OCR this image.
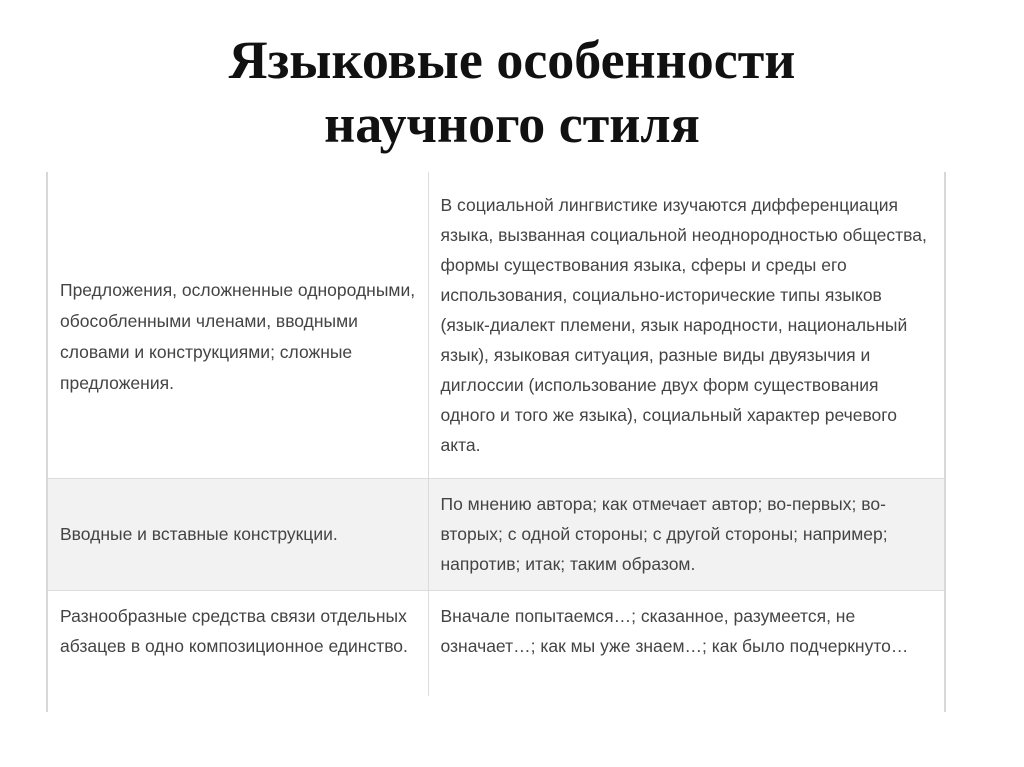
Языковые особенности
научного стиля
Предложения, осложненные однородными, обособленными членами, вводными словами и конструкциями; сложные предложения.	В социальной лингвистике изучаются дифференциация языка, вызванная социальной неоднородностью общества, формы существования языка, сферы и среды его использования, социально-исторические типы языков (язык-диалект племени, язык народности, национальный язык), языковая ситуация, разные виды двуязычия и диглоссии (использование двух форм существования одного и того же языка), социальный характер речевого акта.
Вводные и вставные конструкции.	По мнению автора; как отмечает автор; во-первых; во-вторых; с одной стороны; с другой стороны; например; напротив; итак; таким образом.
Разнообразные средства связи отдельных абзацев в одно композиционное единство.	Вначале попытаемся…; сказанное, разумеется, не означает…; как мы уже знаем…; как было подчеркнуто…
